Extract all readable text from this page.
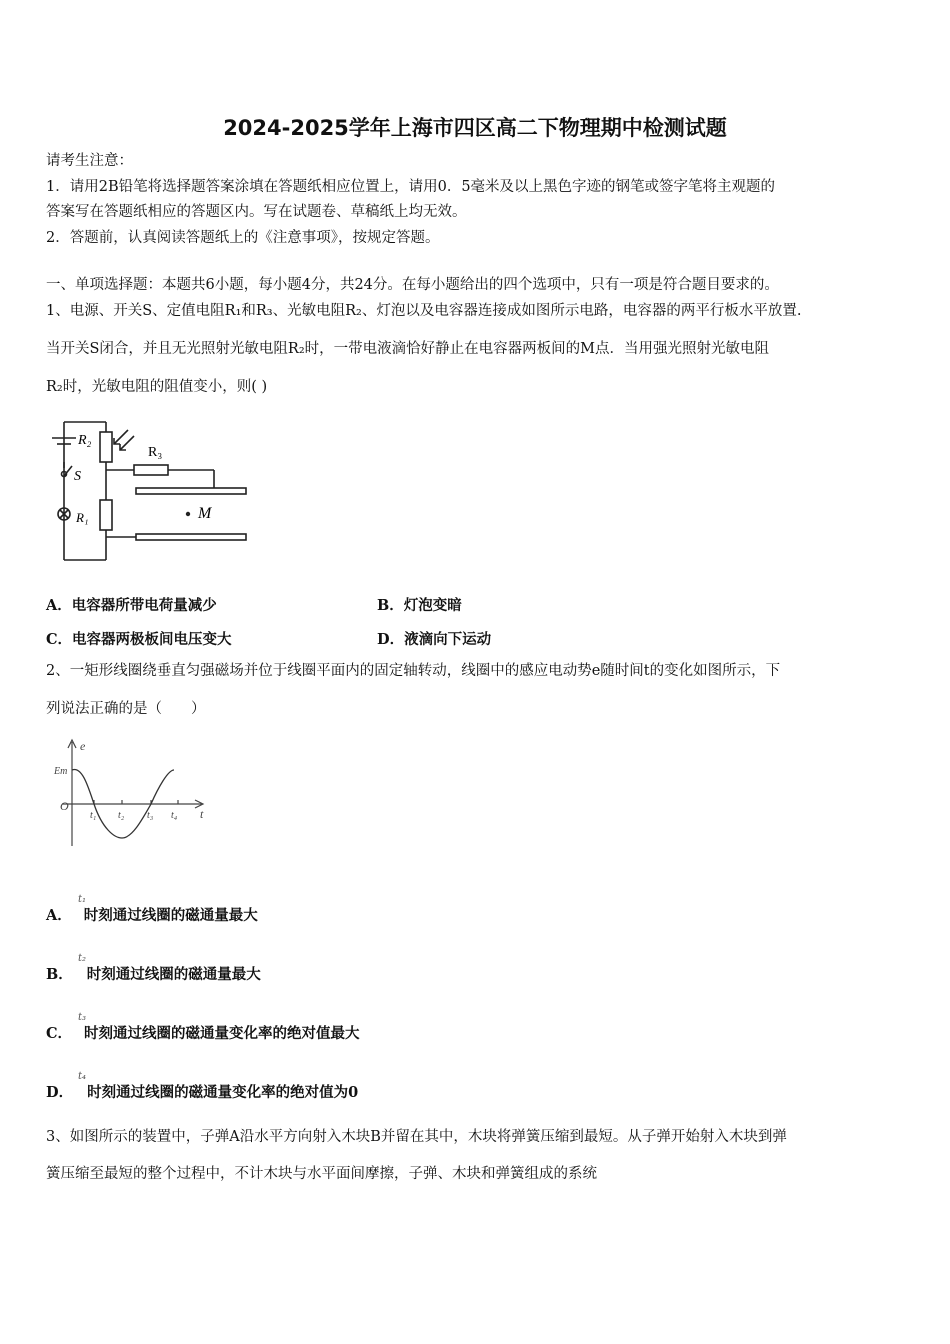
2024-2025学年上海市四区高二下物理期中检测试题
请考生注意：
1．请用2B铅笔将选择题答案涂填在答题纸相应位置上，请用0．5毫米及以上黑色字迹的钢笔或签字笔将主观题的
答案写在答题纸相应的答题区内。写在试题卷、草稿纸上均无效。
2．答题前，认真阅读答题纸上的《注意事项》，按规定答题。
一、单项选择题：本题共6小题，每小题4分，共24分。在每小题给出的四个选项中，只有一项是符合题目要求的。
1、电源、开关S、定值电阻R₁和R₃、光敏电阻R₂、灯泡以及电容器连接成如图所示电路，电容器的两平行板水平放置.
当开关S闭合，并且无光照射光敏电阻R₂时，一带电液滴恰好静止在电容器两板间的M点．当用强光照射光敏电阻
R₂时，光敏电阻的阻值变小，则( )
R₂
S
R₁
R₃
M
A．电容器所带电荷量减少	B．灯泡变暗
C．电容器两极板间电压变大	D．液滴向下运动
2、一矩形线圈绕垂直匀强磁场并位于线圈平面内的固定轴转动，线圈中的感应电动势e随时间t的变化如图所示，下
列说法正确的是（　　）
e
Em
O
t
t₁ t₂ t₃ t₄
A．
t₁
时刻通过线圈的磁通量最大
B．
t₂
时刻通过线圈的磁通量最大
C．
t₃
时刻通过线圈的磁通量变化率的绝对值最大
D．
t₄
时刻通过线圈的磁通量变化率的绝对值为0
3、如图所示的装置中，子弹A沿水平方向射入木块B并留在其中，木块将弹簧压缩到最短。从子弹开始射入木块到弹
簧压缩至最短的整个过程中，不计木块与水平面间摩擦，子弹、木块和弹簧组成的系统
